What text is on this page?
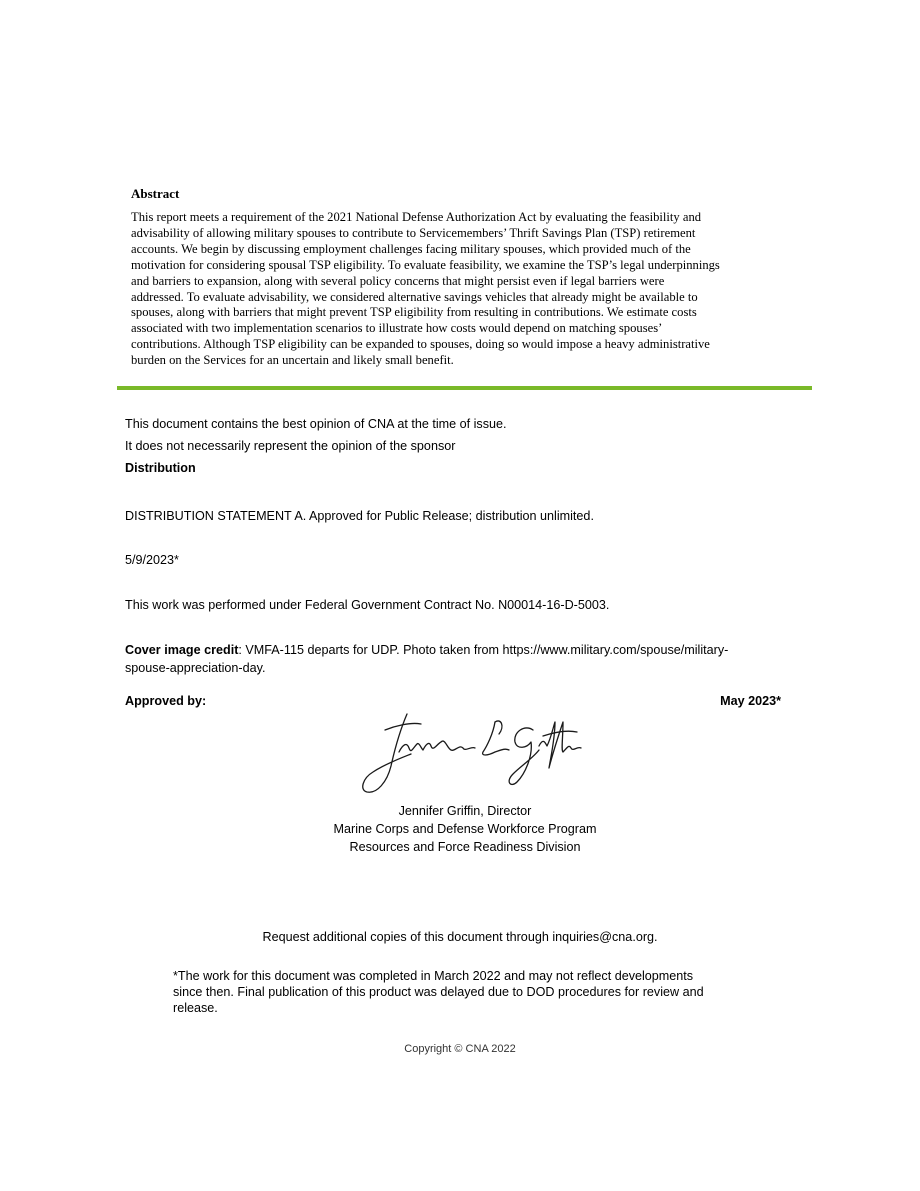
Abstract
This report meets a requirement of the 2021 National Defense Authorization Act by evaluating the feasibility and
advisability of allowing military spouses to contribute to Servicemembers’ Thrift Savings Plan (TSP) retirement
accounts. We begin by discussing employment challenges facing military spouses, which provided much of the
motivation for considering spousal TSP eligibility. To evaluate feasibility, we examine the TSP’s legal underpinnings
and barriers to expansion, along with several policy concerns that might persist even if legal barriers were
addressed. To evaluate advisability, we considered alternative savings vehicles that already might be available to
spouses, along with barriers that might prevent TSP eligibility from resulting in contributions. We estimate costs
associated with two implementation scenarios to illustrate how costs would depend on matching spouses’
contributions. Although TSP eligibility can be expanded to spouses, doing so would impose a heavy administrative
burden on the Services for an uncertain and likely small benefit.
This document contains the best opinion of CNA at the time of issue.
It does not necessarily represent the opinion of the sponsor
Distribution
DISTRIBUTION STATEMENT A. Approved for Public Release; distribution unlimited.
5/9/2023*
This work was performed under Federal Government Contract No. N00014-16-D-5003.
Cover image credit: VMFA-115 departs for UDP. Photo taken from https://www.military.com/spouse/military-
spouse-appreciation-day.
Approved by:	May 2023*
Jennifer Griffin, Director
Marine Corps and Defense Workforce Program
Resources and Force Readiness Division
Request additional copies of this document through inquiries@cna.org.
*The work for this document was completed in March 2022 and may not reflect developments
since then. Final publication of this product was delayed due to DOD procedures for review and
release.
Copyright © CNA 2022
